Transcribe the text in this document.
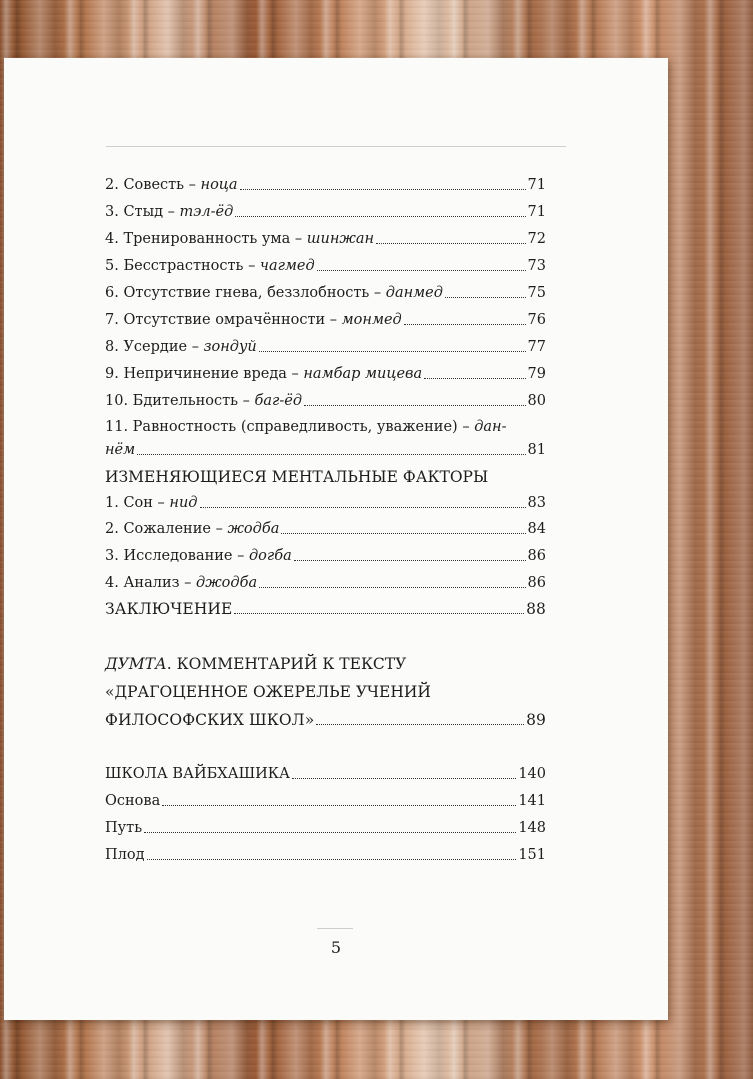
2. Совесть – ноца	71
3. Стыд – тэл-ёд	71
4. Тренированность ума – шинжан	72
5. Бесстрастность – чагмед	73
6. Отсутствие гнева, беззлобность – данмед	75
7. Отсутствие омрачённости – монмед	76
8. Усердие – зондуй	77
9. Непричинение вреда – намбар мицева	79
10. Бдительность – баг-ёд	80
11. Равностность (справедливость, уважение) – дан-
нём	81
ИЗМЕНЯЮЩИЕСЯ МЕНТАЛЬНЫЕ ФАКТОРЫ
1. Сон – нид	83
2. Сожаление – жодба	84
3. Исследование – догба	86
4. Анализ – джодба	86
ЗАКЛЮЧЕНИЕ	88
ДУМТА. КОММЕНТАРИЙ К ТЕКСТУ
«ДРАГОЦЕННОЕ ОЖЕРЕЛЬЕ УЧЕНИЙ
ФИЛОСОФСКИХ ШКОЛ»	89
ШКОЛА ВАЙБХАШИКА	140
Основа	141
Путь	148
Плод	151
5
